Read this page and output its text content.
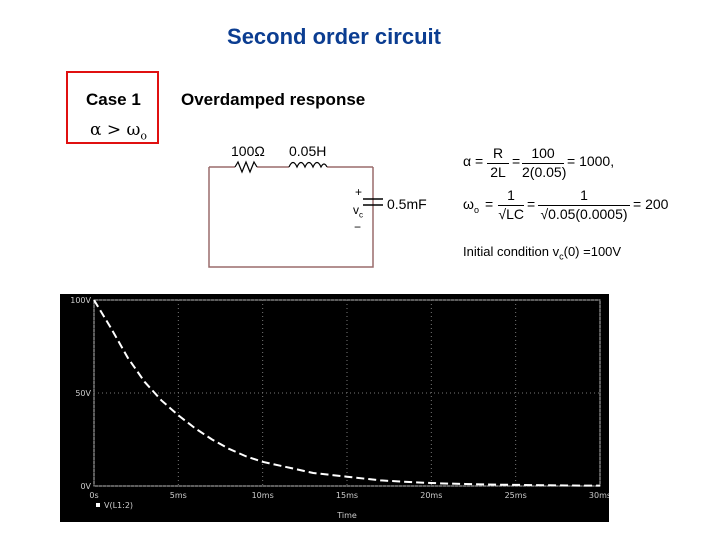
Second order circuit
Case 1
$\alpha > \omega_o$
Overdamped response
100Ω 0.05H
+
$v_c$
−
0.5mF
α = R
2L
= 100
2(0.05)
= 1000,
$\omega_o$ =
1
√LC
=
1
√0.05(0.0005)
= 200
Initial condition $v_c(0) =100V$
0s	5ms	10ms	15ms	20ms	25ms	30ms
0V
50V
100V
V(L1:2)
Time
